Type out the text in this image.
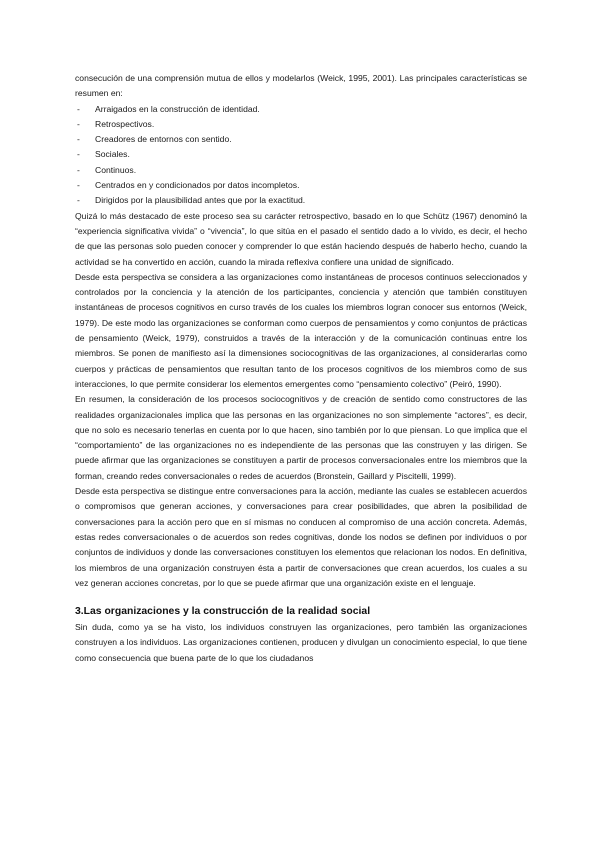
consecución de una comprensión mutua de ellos y modelarlos (Weick, 1995, 2001). Las principales características se resumen en:

- Arraigados en la construcción de identidad.
- Retrospectivos.
- Creadores de entornos con sentido.
- Sociales.
- Continuos.
- Centrados en y condicionados por datos incompletos.
- Dirigidos por la plausibilidad antes que por la exactitud.

Quizá lo más destacado de este proceso sea su carácter retrospectivo, basado en lo que Schütz (1967) denominó la “experiencia significativa vivida” o “vivencia”, lo que sitúa en el pasado el sentido dado a lo vivido, es decir, el hecho de que las personas solo pueden conocer y comprender lo que están haciendo después de haberlo hecho, cuando la actividad se ha convertido en acción, cuando la mirada reflexiva confiere una unidad de significado.

Desde esta perspectiva se considera a las organizaciones como instantáneas de procesos continuos seleccionados y controlados por la conciencia y la atención de los participantes, conciencia y atención que también constituyen instantáneas de procesos cognitivos en curso través de los cuales los miembros logran conocer sus entornos (Weick, 1979). De este modo las organizaciones se conforman como cuerpos de pensamientos y como conjuntos de prácticas de pensamiento (Weick, 1979), construidos a través de la interacción y de la comunicación continuas entre los miembros. Se ponen de manifiesto así la dimensiones sociocognitivas de las organizaciones, al considerarlas como cuerpos y prácticas de pensamientos que resultan tanto de los procesos cognitivos de los miembros como de sus interacciones, lo que permite considerar los elementos emergentes como “pensamiento colectivo” (Peiró, 1990).

En resumen, la consideración de los procesos sociocognitivos y de creación de sentido como constructores de las realidades organizacionales implica que las personas en las organizaciones no son simplemente “actores”, es decir, que no solo es necesario tenerlas en cuenta por lo que hacen, sino también por lo que piensan. Lo que implica que el “comportamiento” de las organizaciones no es independiente de las personas que las construyen y las dirigen. Se puede afirmar que las organizaciones se constituyen a partir de procesos conversacionales entre los miembros que la forman, creando redes conversacionales o redes de acuerdos (Bronstein, Gaillard y Piscitelli, 1999).

Desde esta perspectiva se distingue entre conversaciones para la acción, mediante las cuales se establecen acuerdos o compromisos que generan acciones, y conversaciones para crear posibilidades, que abren la posibilidad de conversaciones para la acción pero que en sí mismas no conducen al compromiso de una acción concreta. Además, estas redes conversacionales o de acuerdos son redes cognitivas, donde los nodos se definen por individuos o por conjuntos de individuos y donde las conversaciones constituyen los elementos que relacionan los nodos. En definitiva, los miembros de una organización construyen ésta a partir de conversaciones que crean acuerdos, los cuales a su vez generan acciones concretas, por lo que se puede afirmar que una organización existe en el lenguaje.

3.Las organizaciones y la construcción de la realidad social

Sin duda, como ya se ha visto, los individuos construyen las organizaciones, pero también las organizaciones construyen a los individuos. Las organizaciones contienen, producen y divulgan un conocimiento especial, lo que tiene como consecuencia que buena parte de lo que los ciudadanos
